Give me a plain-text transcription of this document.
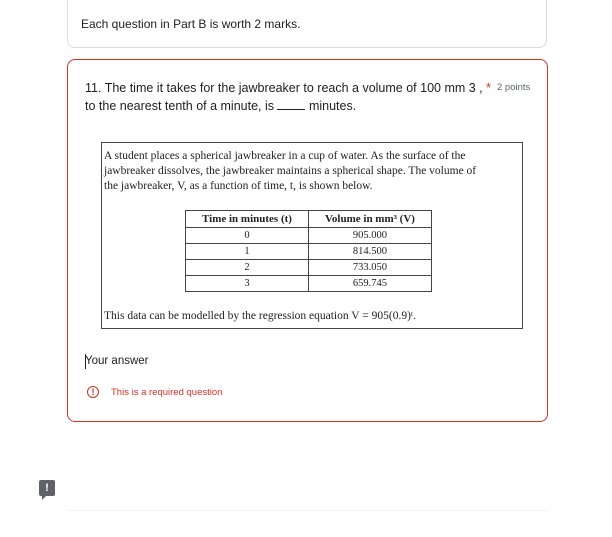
Each question in Part B is worth 2 marks.
11. The time it takes for the jawbreaker to reach a volume of 100 mm 3 , to the nearest tenth of a minute, is  minutes.
* 2 points
A student places a spherical jawbreaker in a cup of water. As the surface of the
jawbreaker dissolves, the jawbreaker maintains a spherical shape. The volume of
the jawbreaker, V, as a function of time, t, is shown below.
Time in minutes (t)	Volume in mm³ (V)
0	905.000
1	814.500
2	733.050
3	659.745
This data can be modelled by the regression equation V = 905(0.9)ᵗ.
Your answer
!	This is a required question
!
